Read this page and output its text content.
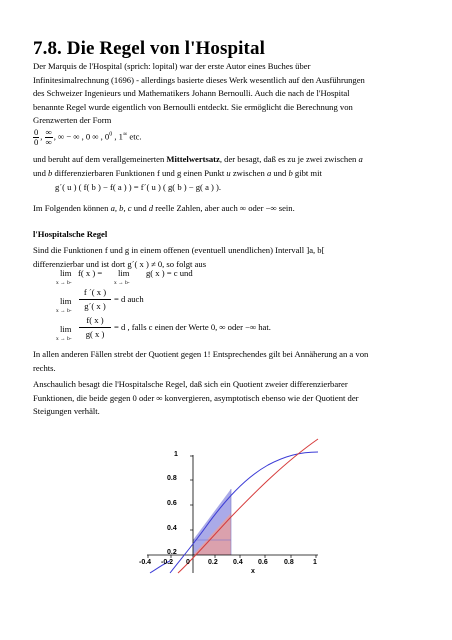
7.8. Die Regel von l'Hospital
Der Marquis de l'Hospital (sprich: lopital) war der erste Autor eines Buches über
Infinitesimalrechnung (1696) - allerdings basierte dieses Werk wesentlich auf den Ausführungen
des Schweizer Ingenieurs und Mathematikers Johann Bernoulli. Auch die nach de l'Hospital
benannte Regel wurde eigentlich von Bernoulli entdeckt. Sie ermöglicht die Berechnung von
Grenzwerten der Form
$\frac{0}{0}$ , $\frac{\infty}{\infty}$ , ∞ − ∞ , 0 ∞ , $0^0$ , 1∞ etc.
und beruht auf dem verallgemeinerten Mittelwertsatz, der besagt, daß es zu je zwei zwischen a
und b differenzierbaren Funktionen f und g einen Punkt u zwischen a und b gibt mit
g´( u ) ( f( b ) − f( a ) ) = f´( u ) ( g( b ) − g( a ) ).
Im Folgenden können a, b, c und d reelle Zahlen, aber auch ∞ oder −∞ sein.
l'Hospitalsche Regel
Sind die Funktionen f und g in einem offenen (eventuell unendlichen) Intervall ]a, b[
differenzierbar und ist dort g´( x ) ≠ 0, so folgt aus
lim
x → b-
f( x ) = lim
x → b-
g( x ) = c und
lim
x → b-
f ´( x )
g´( x )
= d auch
lim
x → b-
f( x )
g( x )
= d , falls c einen der Werte 0, ∞ oder −∞ hat.
In allen anderen Fällen strebt der Quotient gegen 1! Entsprechendes gilt bei Annäherung an a von
rechts.
Anschaulich besagt die l'Hospitalsche Regel, daß sich ein Quotient zweier differenzierbarer
Funktionen, die beide gegen 0 oder ∞ konvergieren, asymptotisch ebenso wie der Quotient der
Steigungen verhält.
1
0.8
0.6
0.4
0.2
-0.4 -0.2 0	0.2 0.4 0.6 0.8	1
x
